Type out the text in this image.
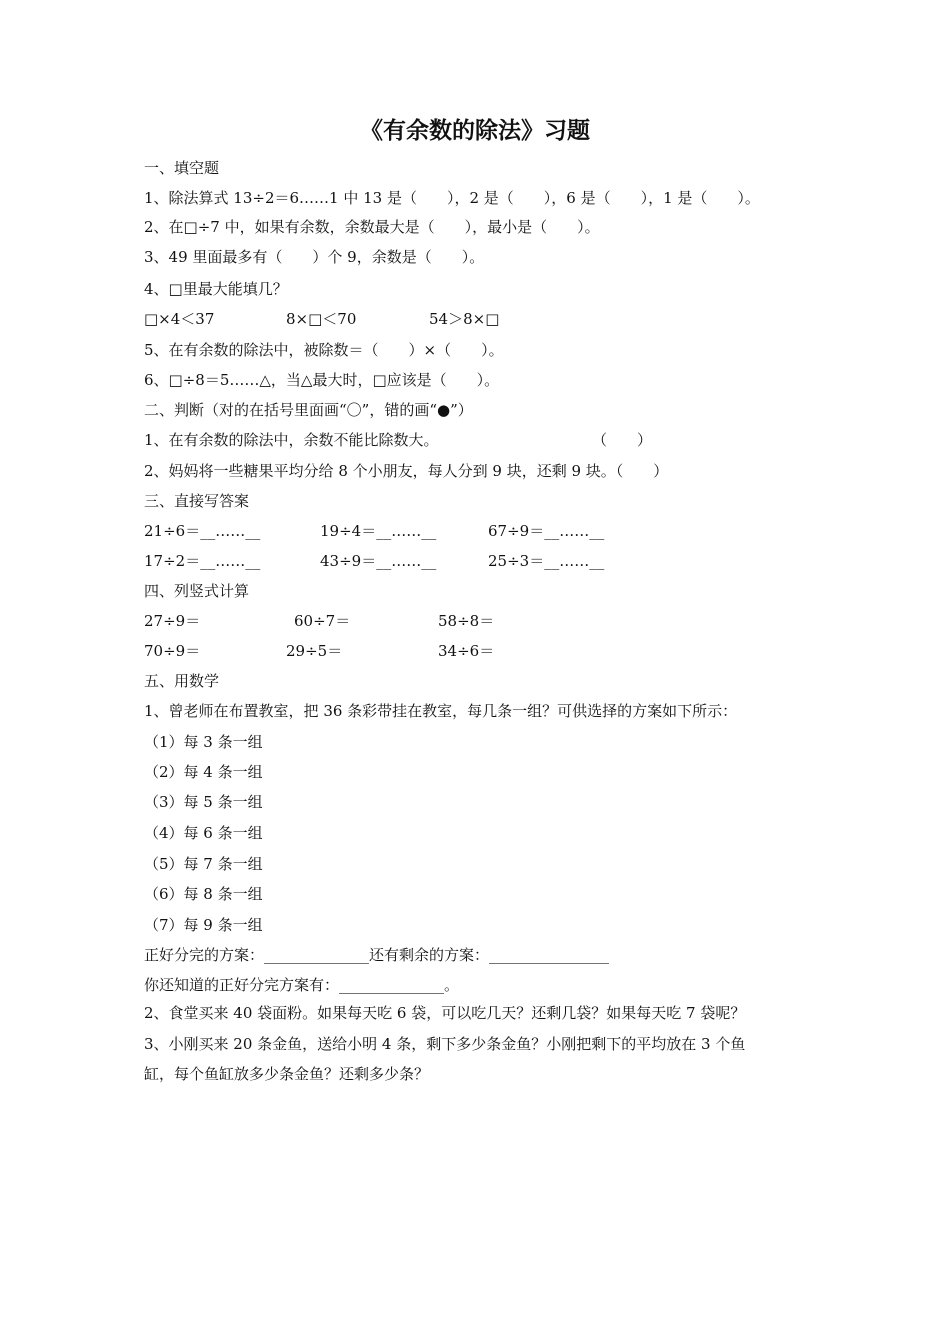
《有余数的除法》习题
一、填空题
1、除法算式 13÷2＝6……1 中 13 是（　　），2 是（　　），6 是（　　），1 是（　　）。
2、在□÷7 中，如果有余数，余数最大是（　　），最小是（　　）。
3、49 里面最多有（　　）个 9，余数是（　　）。
4、□里最大能填几？
□×4＜37	8×□＜70	54＞8×□
5、在有余数的除法中，被除数＝（　　）×（　　）。
6、□÷8＝5……△，当△最大时，□应该是（　　）。
二、判断（对的在括号里面画“〇”，错的画“●”）
1、在有余数的除法中，余数不能比除数大。	（　　）
2、妈妈将一些糖果平均分给 8 个小朋友，每人分到 9 块，还剩 9 块。（　　）
三、直接写答案
21÷6＝__……__	19÷4＝__……__	67÷9＝__……__
17÷2＝__……__	43÷9＝__……__	25÷3＝__……__
四、列竖式计算
27÷9＝	60÷7＝	58÷8＝
70÷9＝	29÷5＝	34÷6＝
五、用数学
1、曾老师在布置教室，把 36 条彩带挂在教室，每几条一组？可供选择的方案如下所示：
（1）每 3 条一组
（2）每 4 条一组
（3）每 5 条一组
（4）每 6 条一组
（5）每 7 条一组
（6）每 8 条一组
（7）每 9 条一组
正好分完的方案：______________还有剩余的方案：________________
你还知道的正好分完方案有：______________。
2、食堂买来 40 袋面粉。如果每天吃 6 袋，可以吃几天？还剩几袋？如果每天吃 7 袋呢？
3、小刚买来 20 条金鱼，送给小明 4 条，剩下多少条金鱼？小刚把剩下的平均放在 3 个鱼
缸，每个鱼缸放多少条金鱼？还剩多少条？
